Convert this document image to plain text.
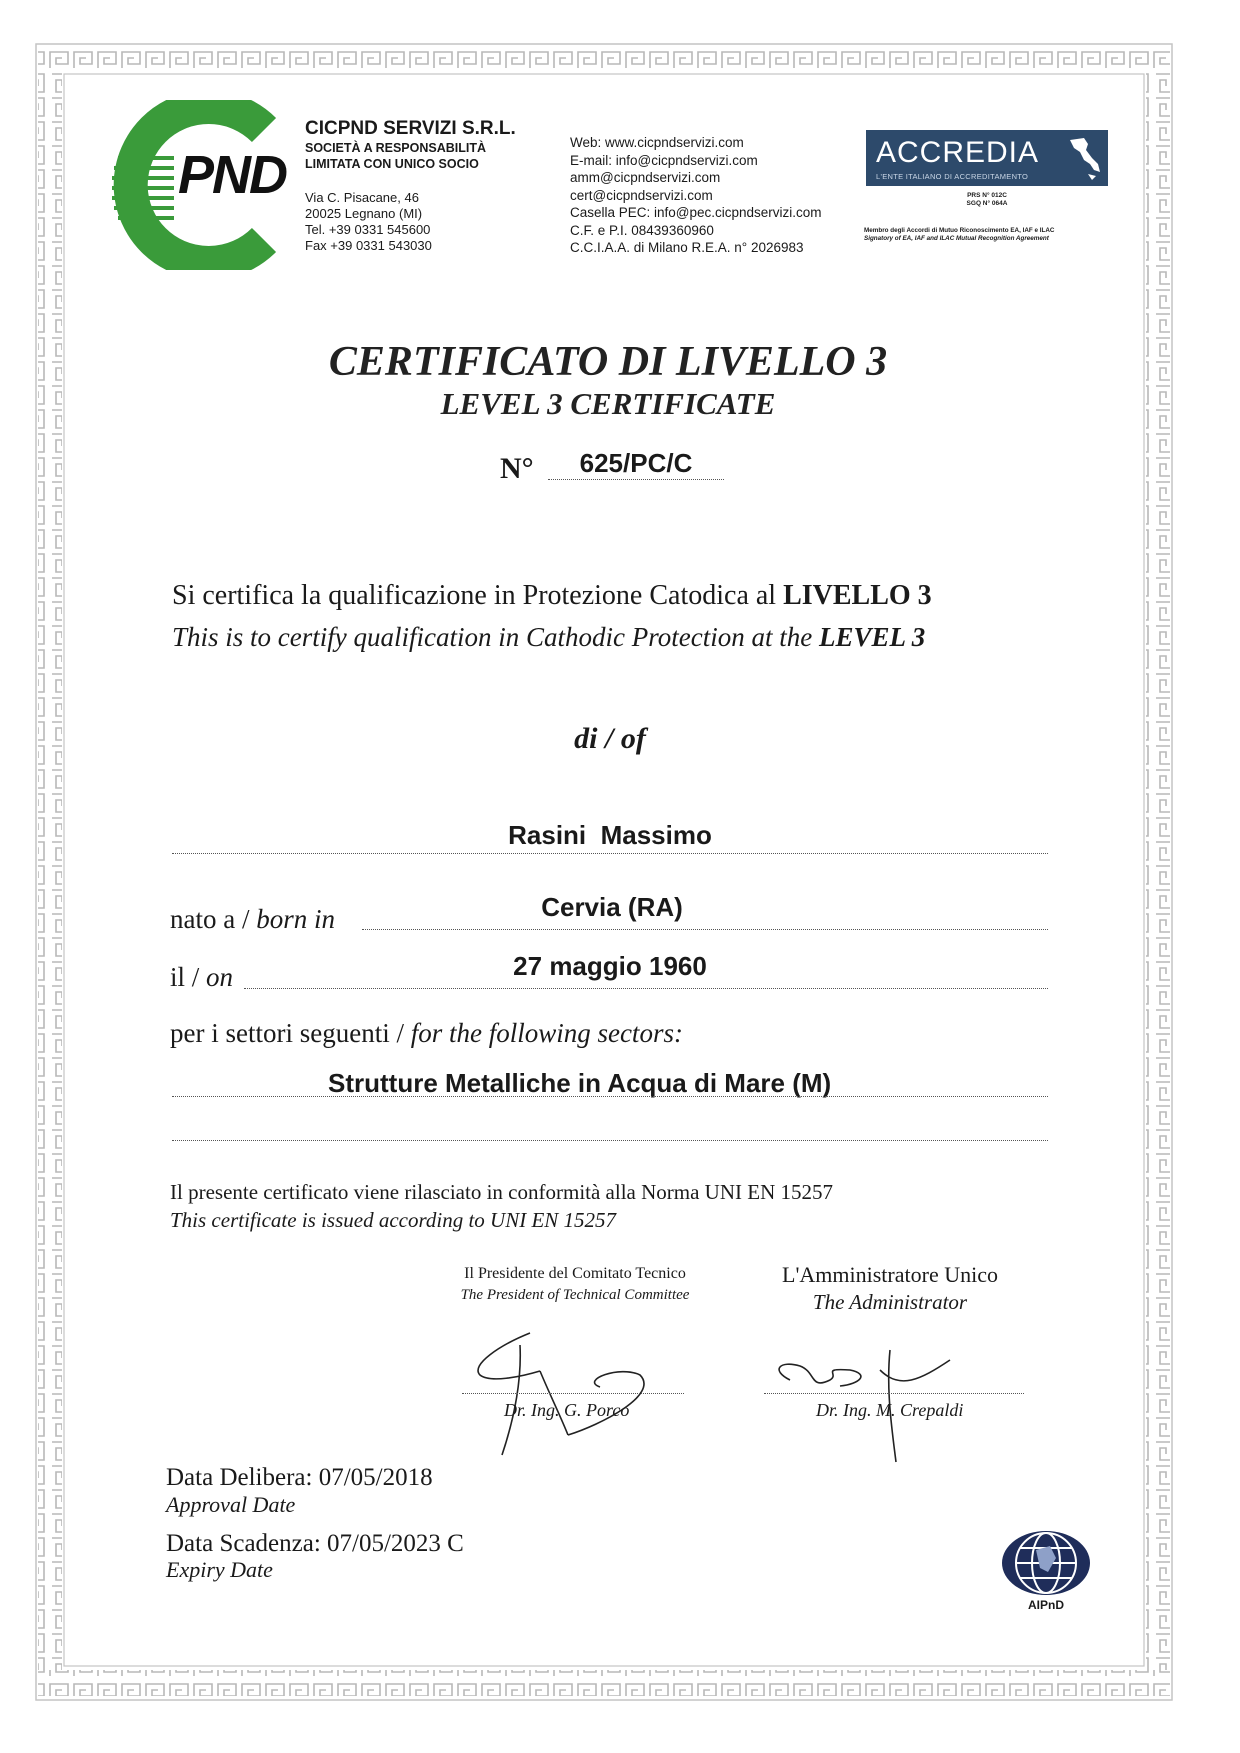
PND
CICPND SERVIZI S.R.L.
SOCIETÀ A RESPONSABILITÀ
LIMITATA CON UNICO SOCIO
Via C. Pisacane, 46
20025 Legnano (MI)
Tel. +39 0331 545600
Fax +39 0331 543030
Web: www.cicpndservizi.com
E-mail: info@cicpndservizi.com
amm@cicpndservizi.com
cert@cicpndservizi.com
Casella PEC: info@pec.cicpndservizi.com
C.F. e P.I. 08439360960
C.C.I.A.A. di Milano R.E.A. n° 2026983
ACCREDIA
L'ENTE ITALIANO DI ACCREDITAMENTO
PRS N° 012C
SGQ N° 064A
Membro degli Accordi di Mutuo Riconoscimento EA, IAF e ILAC
Signatory of EA, IAF and ILAC Mutual Recognition Agreement
CERTIFICATO DI LIVELLO 3
LEVEL 3 CERTIFICATE
N°	625/PC/C
Si certifica la qualificazione in Protezione Catodica al LIVELLO 3
This is to certify qualification in Cathodic Protection at the LEVEL 3
di / of
Rasini  Massimo
nato a / born in	Cervia (RA)
il / on	27 maggio 1960
per i settori seguenti / for the following sectors:
Strutture Metalliche in Acqua di Mare (M)
Il presente certificato viene rilasciato in conformità alla Norma UNI EN 15257
This certificate is issued according to UNI EN 15257
Il Presidente del Comitato Tecnico
The President of Technical Committee
Dr. Ing. G. Porco
L'Amministratore Unico
The Administrator
Dr. Ing. M. Crepaldi
Data Delibera: 07/05/2018
Approval Date
Data Scadenza: 07/05/2023 C
Expiry Date
AIPnD
